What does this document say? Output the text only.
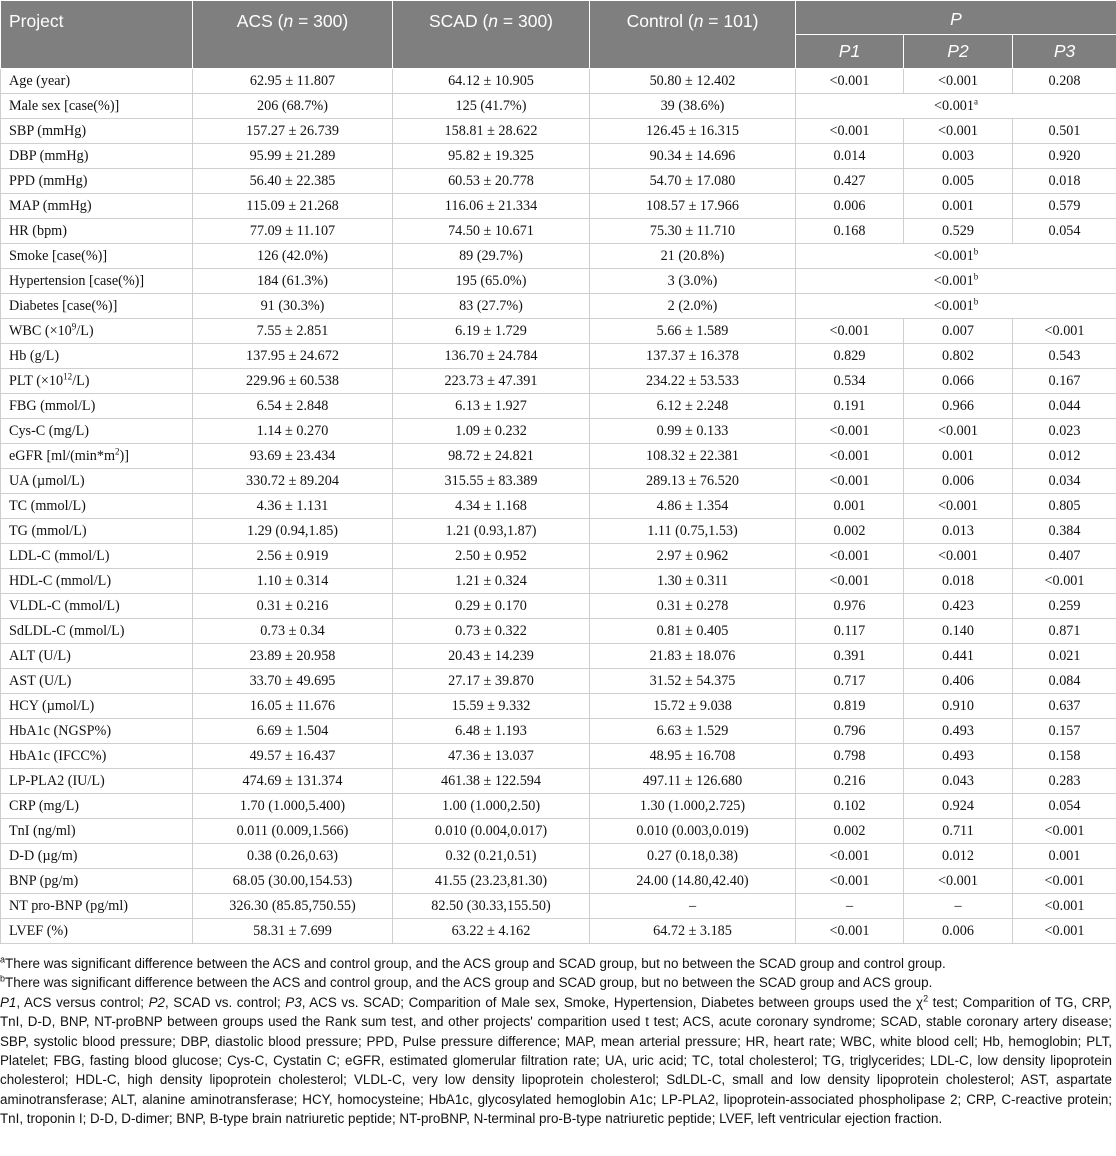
Project	ACS (n = 300)	SCAD (n = 300)	Control (n = 101)	P		
				P1	P2	P3
Age (year)	62.95 ± 11.807	64.12 ± 10.905	50.80 ± 12.402	<0.001	<0.001	0.208
Male sex [case(%)]	206 (68.7%)	125 (41.7%)	39 (38.6%)	<0.001$^a$
SBP (mmHg)	157.27 ± 26.739	158.81 ± 28.622	126.45 ± 16.315	<0.001	<0.001	0.501
DBP (mmHg)	95.99 ± 21.289	95.82 ± 19.325	90.34 ± 14.696	0.014	0.003	0.920
PPD (mmHg)	56.40 ± 22.385	60.53 ± 20.778	54.70 ± 17.080	0.427	0.005	0.018
MAP (mmHg)	115.09 ± 21.268	116.06 ± 21.334	108.57 ± 17.966	0.006	0.001	0.579
HR (bpm)	77.09 ± 11.107	74.50 ± 10.671	75.30 ± 11.710	0.168	0.529	0.054
Smoke [case(%)]	126 (42.0%)	89 (29.7%)	21 (20.8%)	<0.001$^b$
Hypertension [case(%)]	184 (61.3%)	195 (65.0%)	3 (3.0%)	<0.001$^b$
Diabetes [case(%)]	91 (30.3%)	83 (27.7%)	2 (2.0%)	<0.001$^b$
WBC $(\times 10^9/L)$	7.55 ± 2.851	6.19 ± 1.729	5.66 ± 1.589	<0.001	0.007	<0.001
Hb (g/L)	137.95 ± 24.672	136.70 ± 24.784	137.37 ± 16.378	0.829	0.802	0.543
PLT $(\times 10^{12}/L)$	229.96 ± 60.538	223.73 ± 47.391	234.22 ± 53.533	0.534	0.066	0.167
FBG (mmol/L)	6.54 ± 2.848	6.13 ± 1.927	6.12 ± 2.248	0.191	0.966	0.044
Cys-C (mg/L)	1.14 ± 0.270	1.09 ± 0.232	0.99 ± 0.133	<0.001	<0.001	0.023
eGFR $[ml/(\min*m^2)]$	93.69 ± 23.434	98.72 ± 24.821	108.32 ± 22.381	<0.001	0.001	0.012
UA (µmol/L)	330.72 ± 89.204	315.55 ± 83.389	289.13 ± 76.520	<0.001	0.006	0.034
TC (mmol/L)	4.36 ± 1.131	4.34 ± 1.168	4.86 ± 1.354	0.001	<0.001	0.805
TG (mmol/L)	1.29 (0.94,1.85)	1.21 (0.93,1.87)	1.11 (0.75,1.53)	0.002	0.013	0.384
LDL-C (mmol/L)	2.56 ± 0.919	2.50 ± 0.952	2.97 ± 0.962	<0.001	<0.001	0.407
HDL-C (mmol/L)	1.10 ± 0.314	1.21 ± 0.324	1.30 ± 0.311	<0.001	0.018	<0.001
VLDL-C (mmol/L)	0.31 ± 0.216	0.29 ± 0.170	0.31 ± 0.278	0.976	0.423	0.259
SdLDL-C (mmol/L)	0.73 ± 0.34	0.73 ± 0.322	0.81 ± 0.405	0.117	0.140	0.871
ALT (U/L)	23.89 ± 20.958	20.43 ± 14.239	21.83 ± 18.076	0.391	0.441	0.021
AST (U/L)	33.70 ± 49.695	27.17 ± 39.870	31.52 ± 54.375	0.717	0.406	0.084
HCY (µmol/L)	16.05 ± 11.676	15.59 ± 9.332	15.72 ± 9.038	0.819	0.910	0.637
HbA1c (NGSP%)	6.69 ± 1.504	6.48 ± 1.193	6.63 ± 1.529	0.796	0.493	0.157
HbA1c (IFCC%)	49.57 ± 16.437	47.36 ± 13.037	48.95 ± 16.708	0.798	0.493	0.158
LP-PLA2 (IU/L)	474.69 ± 131.374	461.38 ± 122.594	497.11 ± 126.680	0.216	0.043	0.283
CRP (mg/L)	1.70 (1.000,5.400)	1.00 (1.000,2.50)	1.30 (1.000,2.725)	0.102	0.924	0.054
TnI (ng/ml)	0.011 (0.009,1.566)	0.010 (0.004,0.017)	0.010 (0.003,0.019)	0.002	0.711	<0.001
D-D (µg/m)	0.38 (0.26,0.63)	0.32 (0.21,0.51)	0.27 (0.18,0.38)	<0.001	0.012	0.001
BNP (pg/m)	68.05 (30.00,154.53)	41.55 (23.23,81.30)	24.00 (14.80,42.40)	<0.001	<0.001	<0.001
NT pro-BNP (pg/ml)	326.30 (85.85,750.55)	82.50 (30.33,155.50)	–	–	–	<0.001
LVEF (%)	58.31 ± 7.699	63.22 ± 4.162	64.72 ± 3.185	<0.001	0.006	<0.001

$^a$There was significant difference between the ACS and control group, and the ACS group and SCAD group, but no between the SCAD group and control group.

$^b$There was significant difference between the ACS and control group, and the ACS group and SCAD group, but no between the SCAD group and ACS group.

P1, ACS versus control; P2, SCAD vs. control; P3, ACS vs. SCAD; Comparition of Male sex, Smoke, Hypertension, Diabetes between groups used the $\chi^2$ test; Comparition of TG, CRP, TnI, D-D, BNP, NT-proBNP between groups used the Rank sum test, and other projects' comparition used t test; ACS, acute coronary syndrome; SCAD, stable coronary artery disease; SBP, systolic blood pressure; DBP, diastolic blood pressure; PPD, Pulse pressure difference; MAP, mean arterial pressure; HR, heart rate; WBC, white blood cell; Hb, hemoglobin; PLT, Platelet; FBG, fasting blood glucose; Cys-C, Cystatin C; eGFR, estimated glomerular filtration rate; UA, uric acid; TC, total cholesterol; TG, triglycerides; LDL-C, low density lipoprotein cholesterol; HDL-C, high density lipoprotein cholesterol; VLDL-C, very low density lipoprotein cholesterol; SdLDL-C, small and low density lipoprotein cholesterol; AST, aspartate aminotransferase; ALT, alanine aminotransferase; HCY, homocysteine; HbA1c, glycosylated hemoglobin A1c; LP-PLA2, lipoprotein-associated phospholipase 2; CRP, C-reactive protein; TnI, troponin I; D-D, D-dimer; BNP, B-type brain natriuretic peptide; NT-proBNP, N-terminal pro-B-type natriuretic peptide; LVEF, left ventricular ejection fraction.
